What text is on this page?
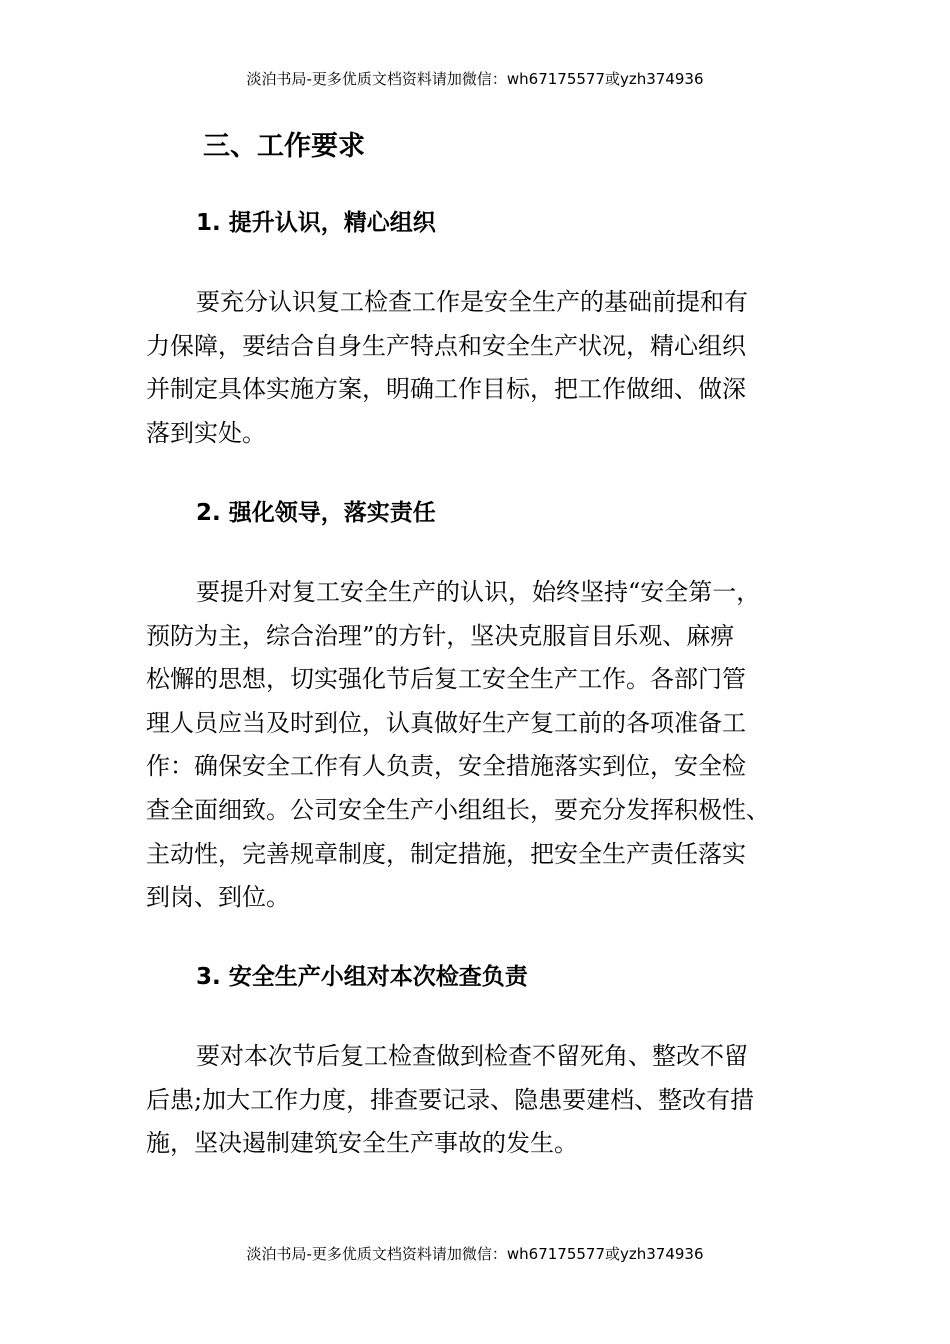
淡泊书局-更多优质文档资料请加微信：wh67175577或yzh374936
三、工作要求
1. 提升认识，精心组织
要充分认识复工检查工作是安全生产的基础前提和有
力保障，要结合自身生产特点和安全生产状况，精心组织
并制定具体实施方案，明确工作目标，把工作做细、做深
落到实处。
2. 强化领导，落实责任
要提升对复工安全生产的认识，始终坚持“安全第一，
预防为主，综合治理”的方针，坚决克服盲目乐观、麻痹
松懈的思想，切实强化节后复工安全生产工作。各部门管
理人员应当及时到位，认真做好生产复工前的各项准备工
作：确保安全工作有人负责，安全措施落实到位，安全检
查全面细致。公司安全生产小组组长，要充分发挥积极性、
主动性，完善规章制度，制定措施，把安全生产责任落实
到岗、到位。
3. 安全生产小组对本次检查负责
要对本次节后复工检查做到检查不留死角、整改不留
后患;加大工作力度，排查要记录、隐患要建档、整改有措
施，坚决遏制建筑安全生产事故的发生。
淡泊书局-更多优质文档资料请加微信：wh67175577或yzh374936
